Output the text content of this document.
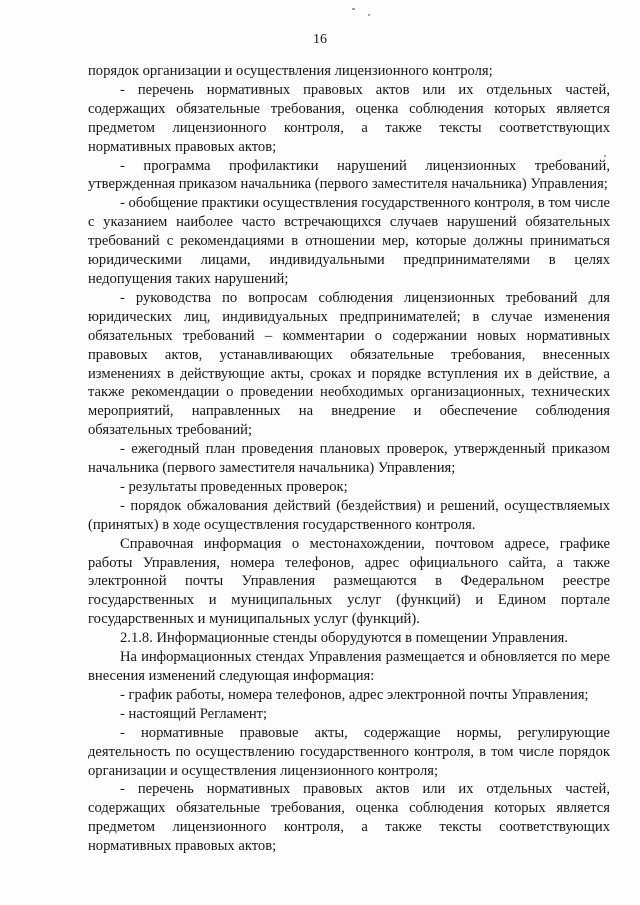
16

порядок организации и осуществления лицензионного контроля;

- перечень нормативных правовых актов или их отдельных частей, содержащих обязательные требования, оценка соблюдения которых является предметом лицензионного контроля, а также тексты соответствующих нормативных правовых актов;

- программа профилактики нарушений лицензионных требований, утвержденная приказом начальника (первого заместителя начальника) Управления;

- обобщение практики осуществления государственного контроля, в том числе с указанием наиболее часто встречающихся случаев нарушений обязательных требований с рекомендациями в отношении мер, которые должны приниматься юридическими лицами, индивидуальными предпринимателями в целях недопущения таких нарушений;

- руководства по вопросам соблюдения лицензионных требований для юридических лиц, индивидуальных предпринимателей; в случае изменения обязательных требований – комментарии о содержании новых нормативных правовых актов, устанавливающих обязательные требования, внесенных изменениях в действующие акты, сроках и порядке вступления их в действие, а также рекомендации о проведении необходимых организационных, технических мероприятий, направленных на внедрение и обеспечение соблюдения обязательных требований;

- ежегодный план проведения плановых проверок, утвержденный приказом начальника (первого заместителя начальника) Управления;

- результаты проведенных проверок;

- порядок обжалования действий (бездействия) и решений, осуществляемых (принятых) в ходе осуществления государственного контроля.

Справочная информация о местонахождении, почтовом адресе, графике работы Управления, номера телефонов, адрес официального сайта, а также электронной почты Управления размещаются в Федеральном реестре государственных и муниципальных услуг (функций) и Едином портале государственных и муниципальных услуг (функций).

2.1.8. Информационные стенды оборудуются в помещении Управления.

На информационных стендах Управления размещается и обновляется по мере внесения изменений следующая информация:

- график работы, номера телефонов, адрес электронной почты Управления;

- настоящий Регламент;

- нормативные правовые акты, содержащие нормы, регулирующие деятельность по осуществлению государственного контроля, в том числе порядок организации и осуществления лицензионного контроля;

- перечень нормативных правовых актов или их отдельных частей, содержащих обязательные требования, оценка соблюдения которых является предметом лицензионного контроля, а также тексты соответствующих нормативных правовых актов;
